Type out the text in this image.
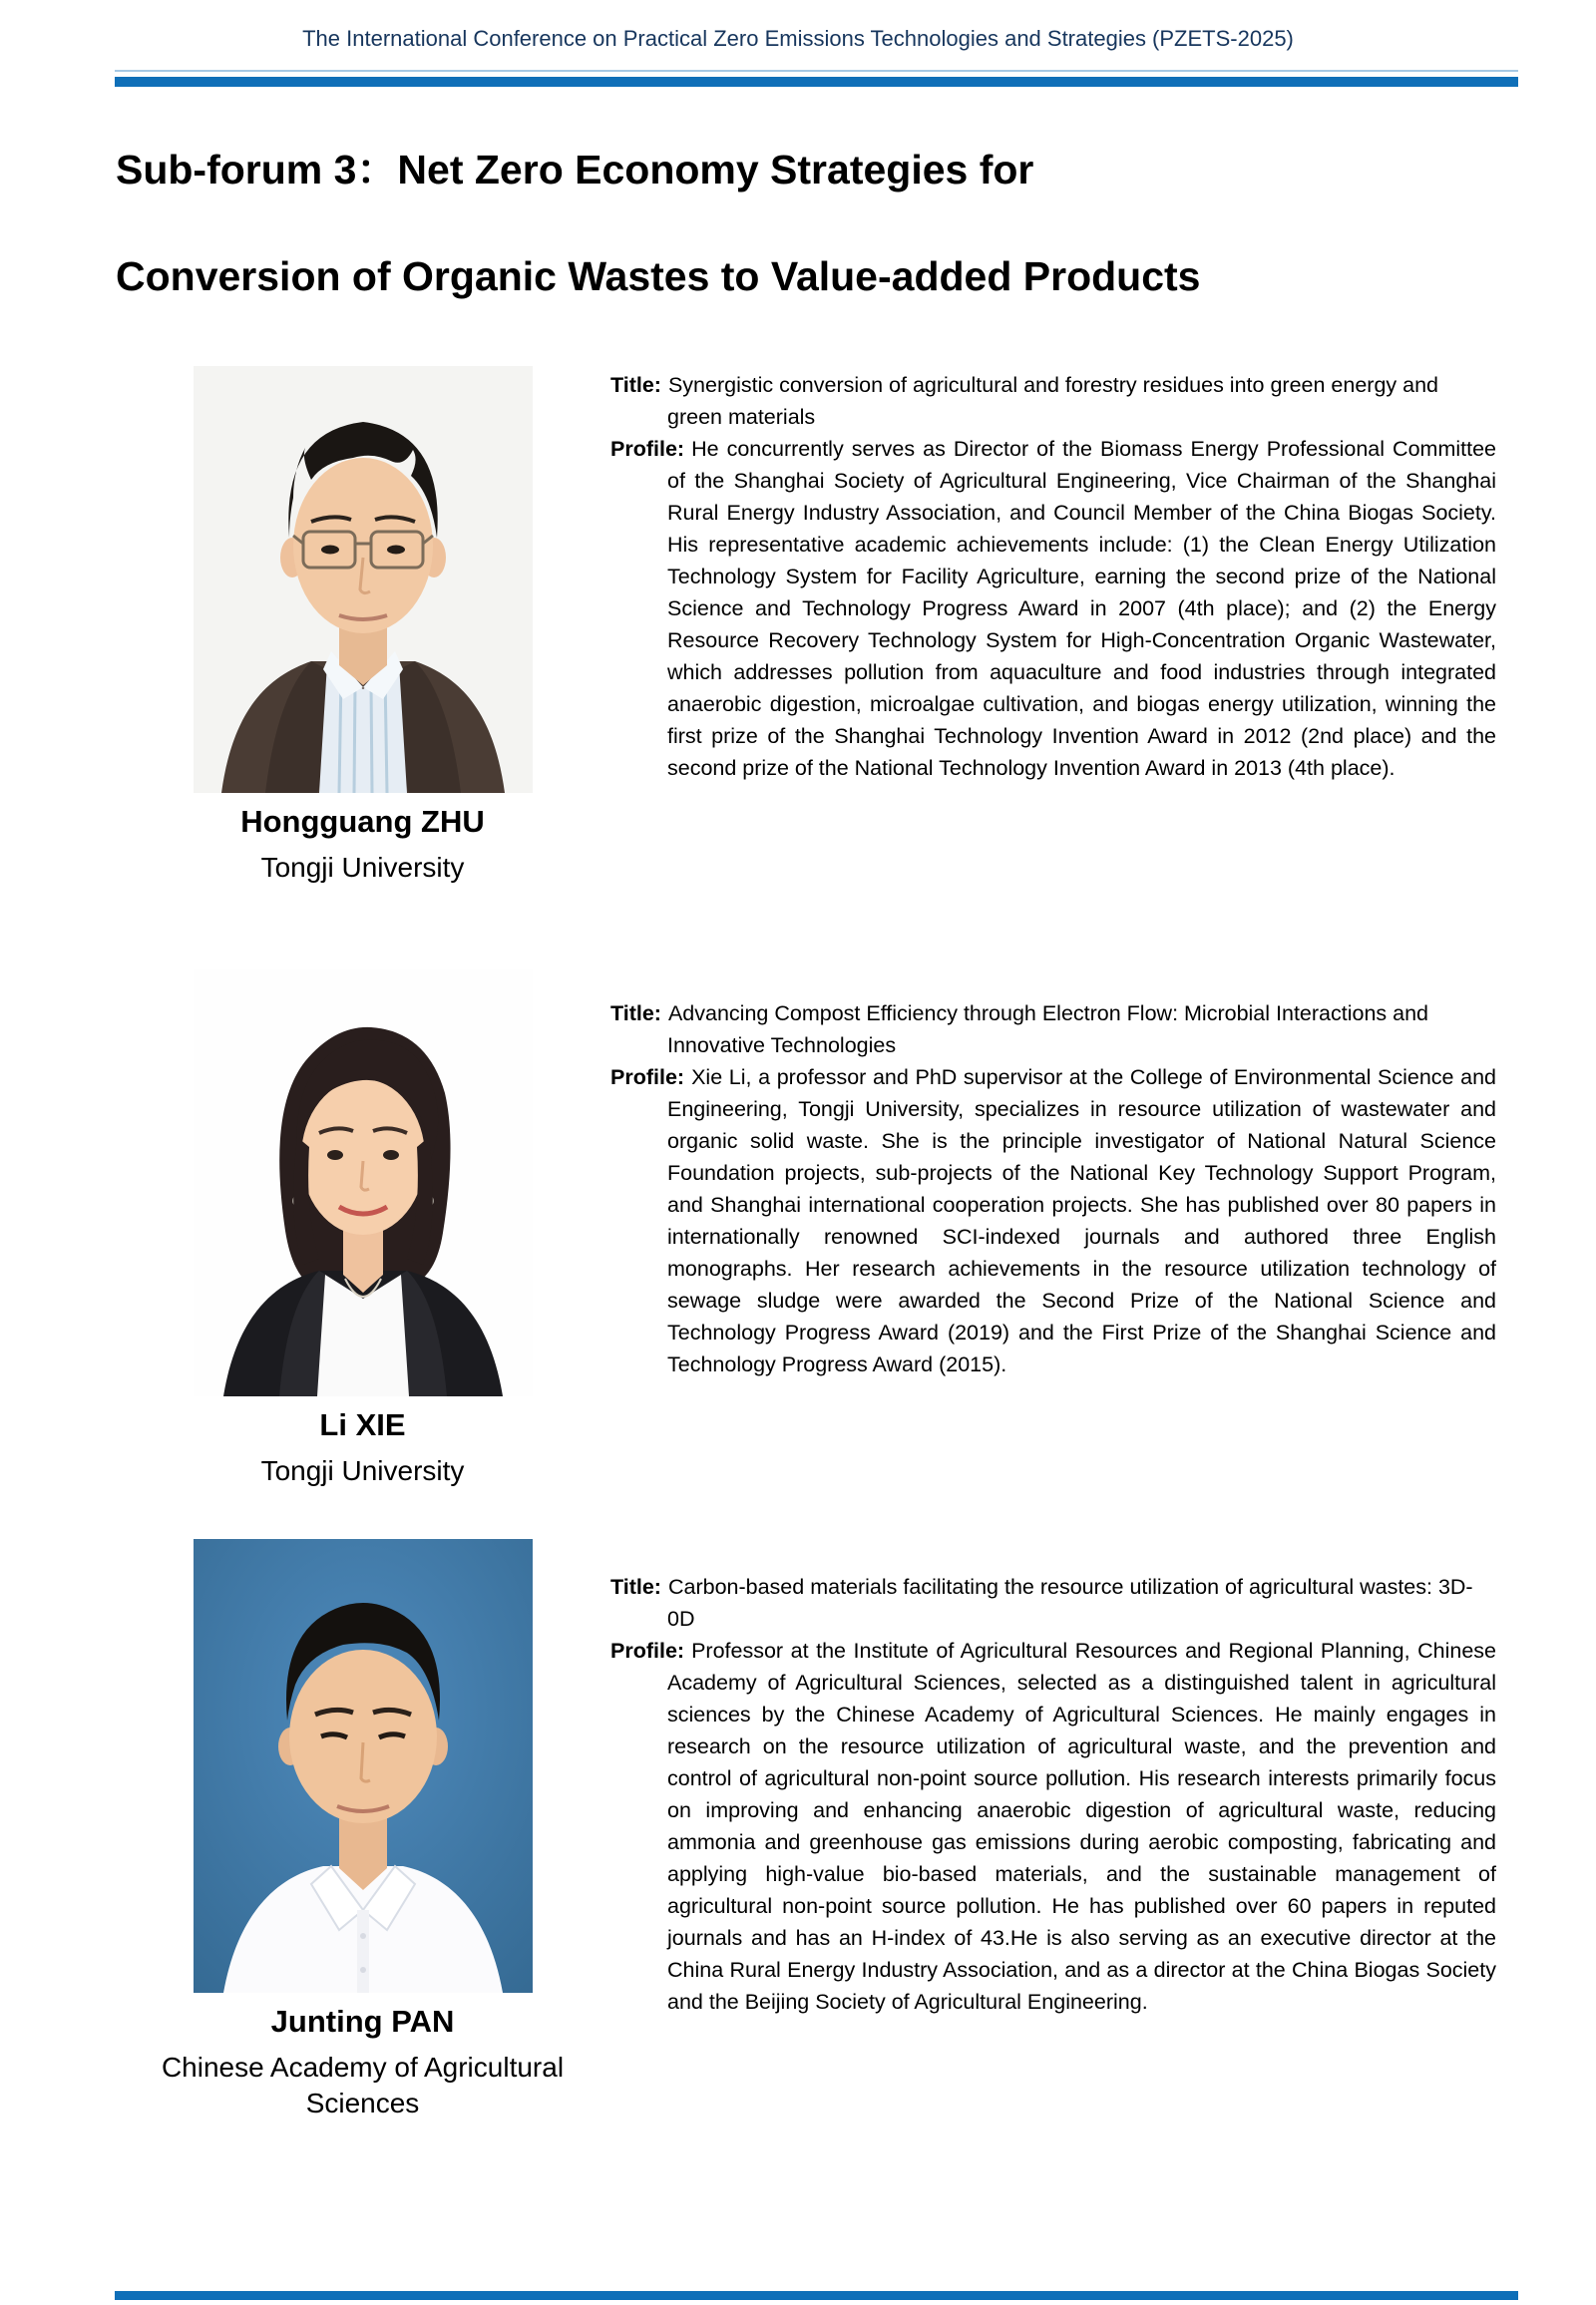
The International Conference on Practical Zero Emissions Technologies and Strategies (PZETS-2025)
Sub-forum 3：Net Zero Economy Strategies for
Conversion of Organic Wastes to Value-added Products
Hongguang ZHU
Tongji University

Title: Synergistic conversion of agricultural and forestry residues into green energy and green materials

Profile: He concurrently serves as Director of the Biomass Energy Professional Committee of the Shanghai Society of Agricultural Engineering, Vice Chairman of the Shanghai Rural Energy Industry Association, and Council Member of the China Biogas Society. His representative academic achievements include: (1) the Clean Energy Utilization Technology System for Facility Agriculture, earning the second prize of the National Science and Technology Progress Award in 2007 (4th place); and (2) the Energy Resource Recovery Technology System for High-Concentration Organic Wastewater, which addresses pollution from aquaculture and food industries through integrated anaerobic digestion, microalgae cultivation, and biogas energy utilization, winning the first prize of the Shanghai Technology Invention Award in 2012 (2nd place) and the second prize of the National Technology Invention Award in 2013 (4th place).

Li XIE
Tongji University

Title: Advancing Compost Efficiency through Electron Flow: Microbial Interactions and Innovative Technologies

Profile: Xie Li, a professor and PhD supervisor at the College of Environmental Science and Engineering, Tongji University, specializes in resource utilization of wastewater and organic solid waste. She is the principle investigator of National Natural Science Foundation projects, sub-projects of the National Key Technology Support Program, and Shanghai international cooperation projects. She has published over 80 papers in internationally renowned SCI-indexed journals and authored three English monographs. Her research achievements in the resource utilization technology of sewage sludge were awarded the Second Prize of the National Science and Technology Progress Award (2019) and the First Prize of the Shanghai Science and Technology Progress Award (2015).

Junting PAN
Chinese Academy of Agricultural Sciences

Title: Carbon-based materials facilitating the resource utilization of agricultural wastes: 3D-0D

Profile: Professor at the Institute of Agricultural Resources and Regional Planning, Chinese Academy of Agricultural Sciences, selected as a distinguished talent in agricultural sciences by the Chinese Academy of Agricultural Sciences. He mainly engages in research on the resource utilization of agricultural waste, and the prevention and control of agricultural non-point source pollution. His research interests primarily focus on improving and enhancing anaerobic digestion of agricultural waste, reducing ammonia and greenhouse gas emissions during aerobic composting, fabricating and applying high-value bio-based materials, and the sustainable management of agricultural non-point source pollution. He has published over 60 papers in reputed journals and has an H-index of 43.He is also serving as an executive director at the China Rural Energy Industry Association, and as a director at the China Biogas Society and the Beijing Society of Agricultural Engineering.
